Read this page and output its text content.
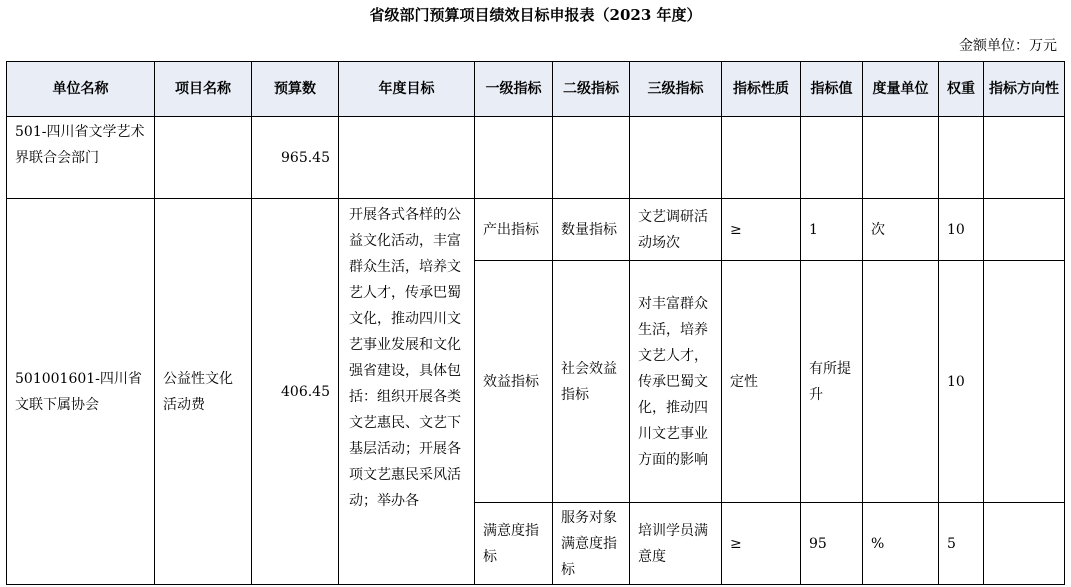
省级部门预算项目绩效目标申报表（2023 年度）
金额单位：万元
单位名称	项目名称	预算数	年度目标	一级指标	二级指标	三级指标	指标性质	指标值	度量单位	权重	指标方向性
501-四川省文学艺术界联合会部门		965.45									
501001601-四川省文联下属协会	公益性文化活动费	406.45	开展各式各样的公益文化活动，丰富群众生活，培养文艺人才，传承巴蜀文化，推动四川文艺事业发展和文化强省建设，具体包括：组织开展各类文艺惠民、文艺下基层活动；开展各项文艺惠民采风活动；举办各	产出指标	数量指标	文艺调研活动场次	≥	1	次	10	
				效益指标	社会效益指标	对丰富群众生活，培养文艺人才，传承巴蜀文化，推动四川文艺事业方面的影响	定性	有所提升		10	
				满意度指标	服务对象满意度指标	培训学员满意度	≥	95	%	5	
